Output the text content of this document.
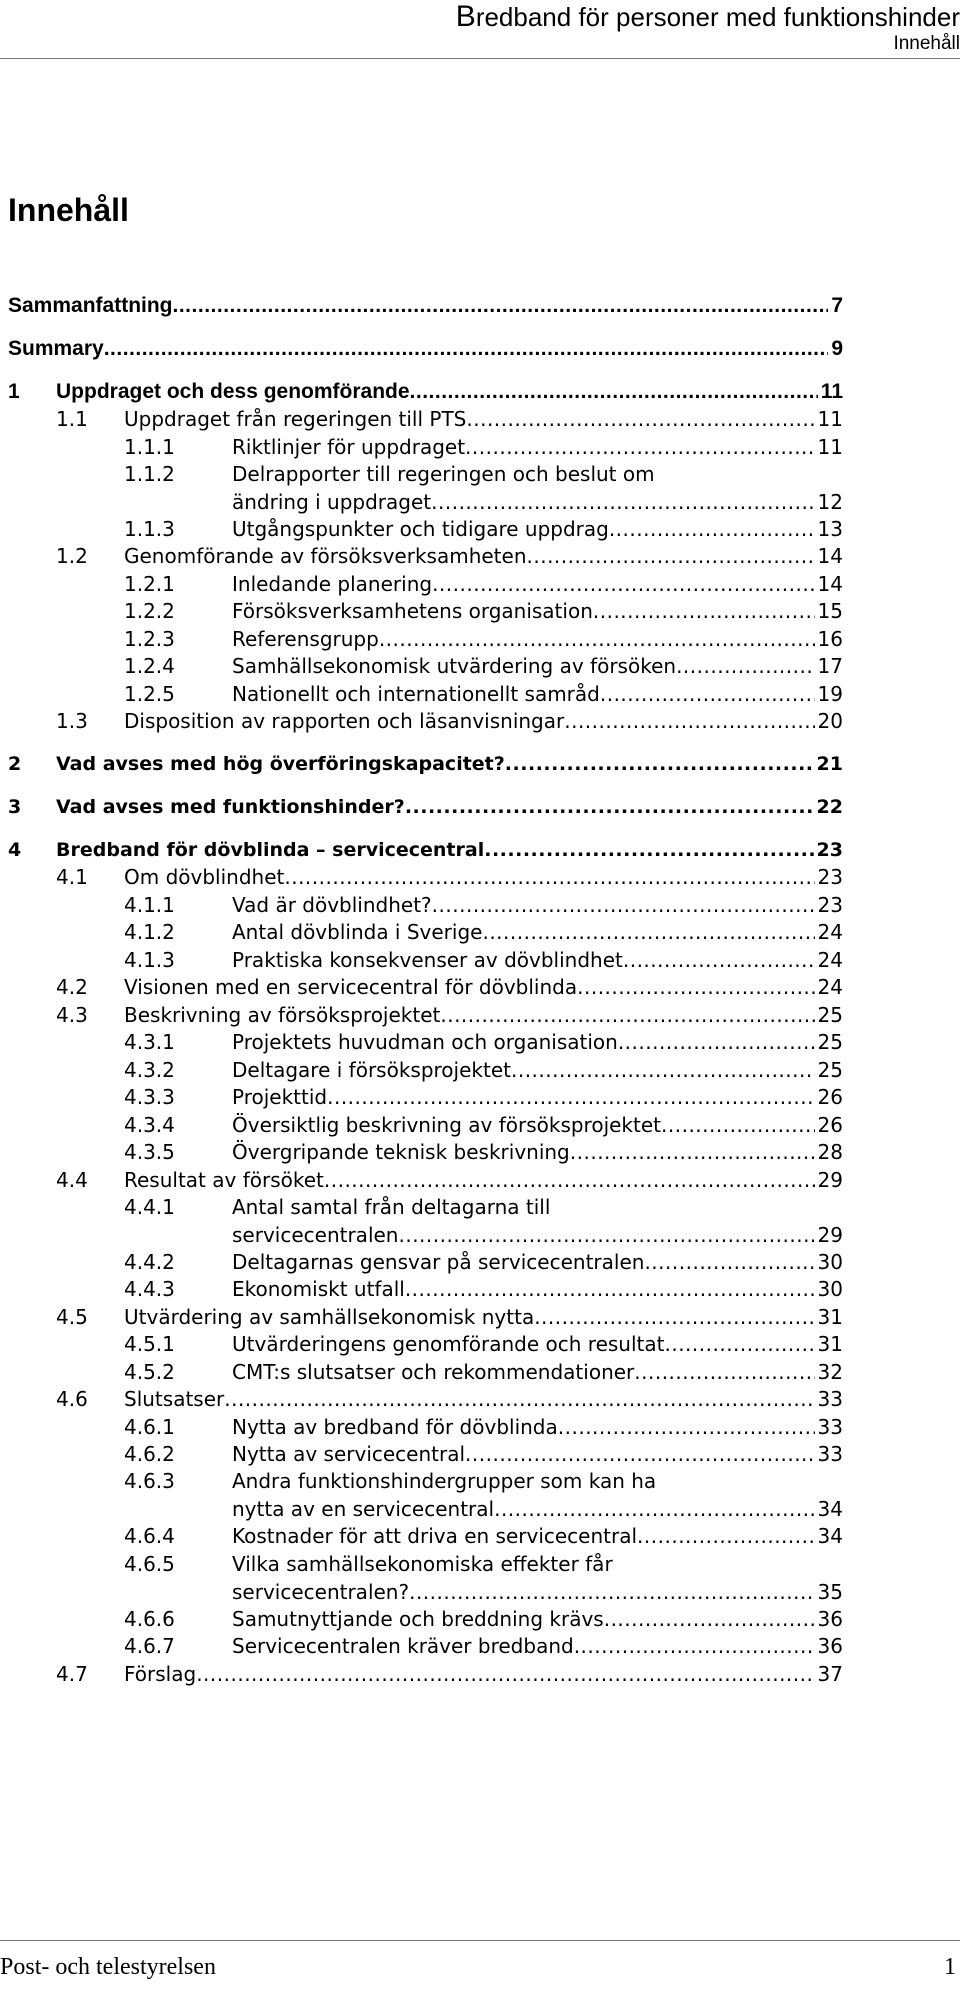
Bredband för personer med funktionshinder
Innehåll
Innehåll
Sammanfattning .....	7
Summary .....	9
1 Uppdraget och dess genomförande .....	11
1.1 Uppdraget från regeringen till PTS .....	11
1.1.1	Riktlinjer för uppdraget .....	11
1.1.2	Delrapporter till regeringen och beslut om
ändring i uppdraget .....	12
1.1.3	Utgångspunkter och tidigare uppdrag .....	13
1.2 Genomförande av försöksverksamheten .....	14
1.2.1	Inledande planering .....	14
1.2.2	Försöksverksamhetens organisation .....	15
1.2.3	Referensgrupp .....	16
1.2.4	Samhällsekonomisk utvärdering av försöken .....	17
1.2.5	Nationellt och internationellt samråd .....	19
1.3 Disposition av rapporten och läsanvisningar .....	20
2 Vad avses med hög överföringskapacitet? .....	21
3 Vad avses med funktionshinder? .....	22
4 Bredband för dövblinda – servicecentral .....	23
4.1 Om dövblindhet .....	23
4.1.1	Vad är dövblindhet? .....	23
4.1.2	Antal dövblinda i Sverige .....	24
4.1.3	Praktiska konsekvenser av dövblindhet .....	24
4.2 Visionen med en servicecentral för dövblinda .....	24
4.3 Beskrivning av försöksprojektet .....	25
4.3.1	Projektets huvudman och organisation .....	25
4.3.2	Deltagare i försöksprojektet .....	25
4.3.3	Projekttid .....	26
4.3.4	Översiktlig beskrivning av försöksprojektet .....	26
4.3.5	Övergripande teknisk beskrivning .....	28
4.4 Resultat av försöket .....	29
4.4.1	Antal samtal från deltagarna till
servicecentralen .....	29
4.4.2	Deltagarnas gensvar på servicecentralen .....	30
4.4.3	Ekonomiskt utfall .....	30
4.5 Utvärdering av samhällsekonomisk nytta .....	31
4.5.1	Utvärderingens genomförande och resultat .....	31
4.5.2	CMT:s slutsatser och rekommendationer .....	32
4.6 Slutsatser .....	33
4.6.1	Nytta av bredband för dövblinda .....	33
4.6.2	Nytta av servicecentral .....	33
4.6.3	Andra funktionshindergrupper som kan ha
nytta av en servicecentral .....	34
4.6.4	Kostnader för att driva en servicecentral .....	34
4.6.5	Vilka samhällsekonomiska effekter får
servicecentralen? .....	35
4.6.6	Samutnyttjande och breddning krävs .....	36
4.6.7	Servicecentralen kräver bredband .....	36
4.7 Förslag .....	37
Post- och telestyrelsen	1
